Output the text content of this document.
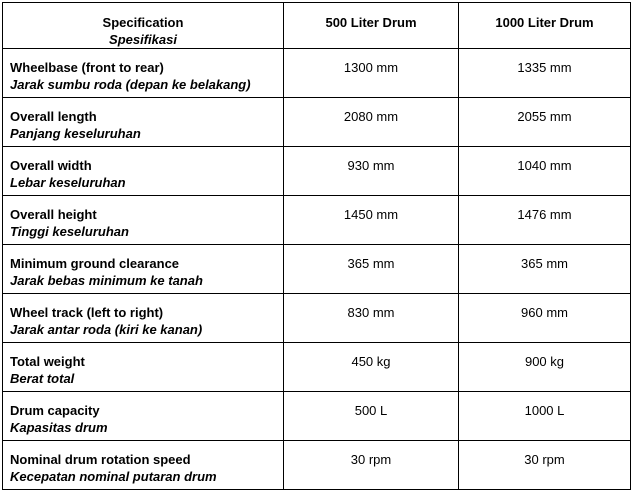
Specification
Spesifikasi	500 Liter Drum	1000 Liter Drum

Wheelbase (front to rear)
Jarak sumbu roda (depan ke belakang)	1300 mm	1335 mm

Overall length
Panjang keseluruhan	2080 mm	2055 mm

Overall width
Lebar keseluruhan	930 mm	1040 mm

Overall height
Tinggi keseluruhan	1450 mm	1476 mm

Minimum ground clearance
Jarak bebas minimum ke tanah	365 mm	365 mm

Wheel track (left to right)
Jarak antar roda (kiri ke kanan)	830 mm	960 mm

Total weight
Berat total	450 kg	900 kg

Drum capacity
Kapasitas drum	500 L	1000 L

Nominal drum rotation speed
Kecepatan nominal putaran drum	30 rpm	30 rpm
